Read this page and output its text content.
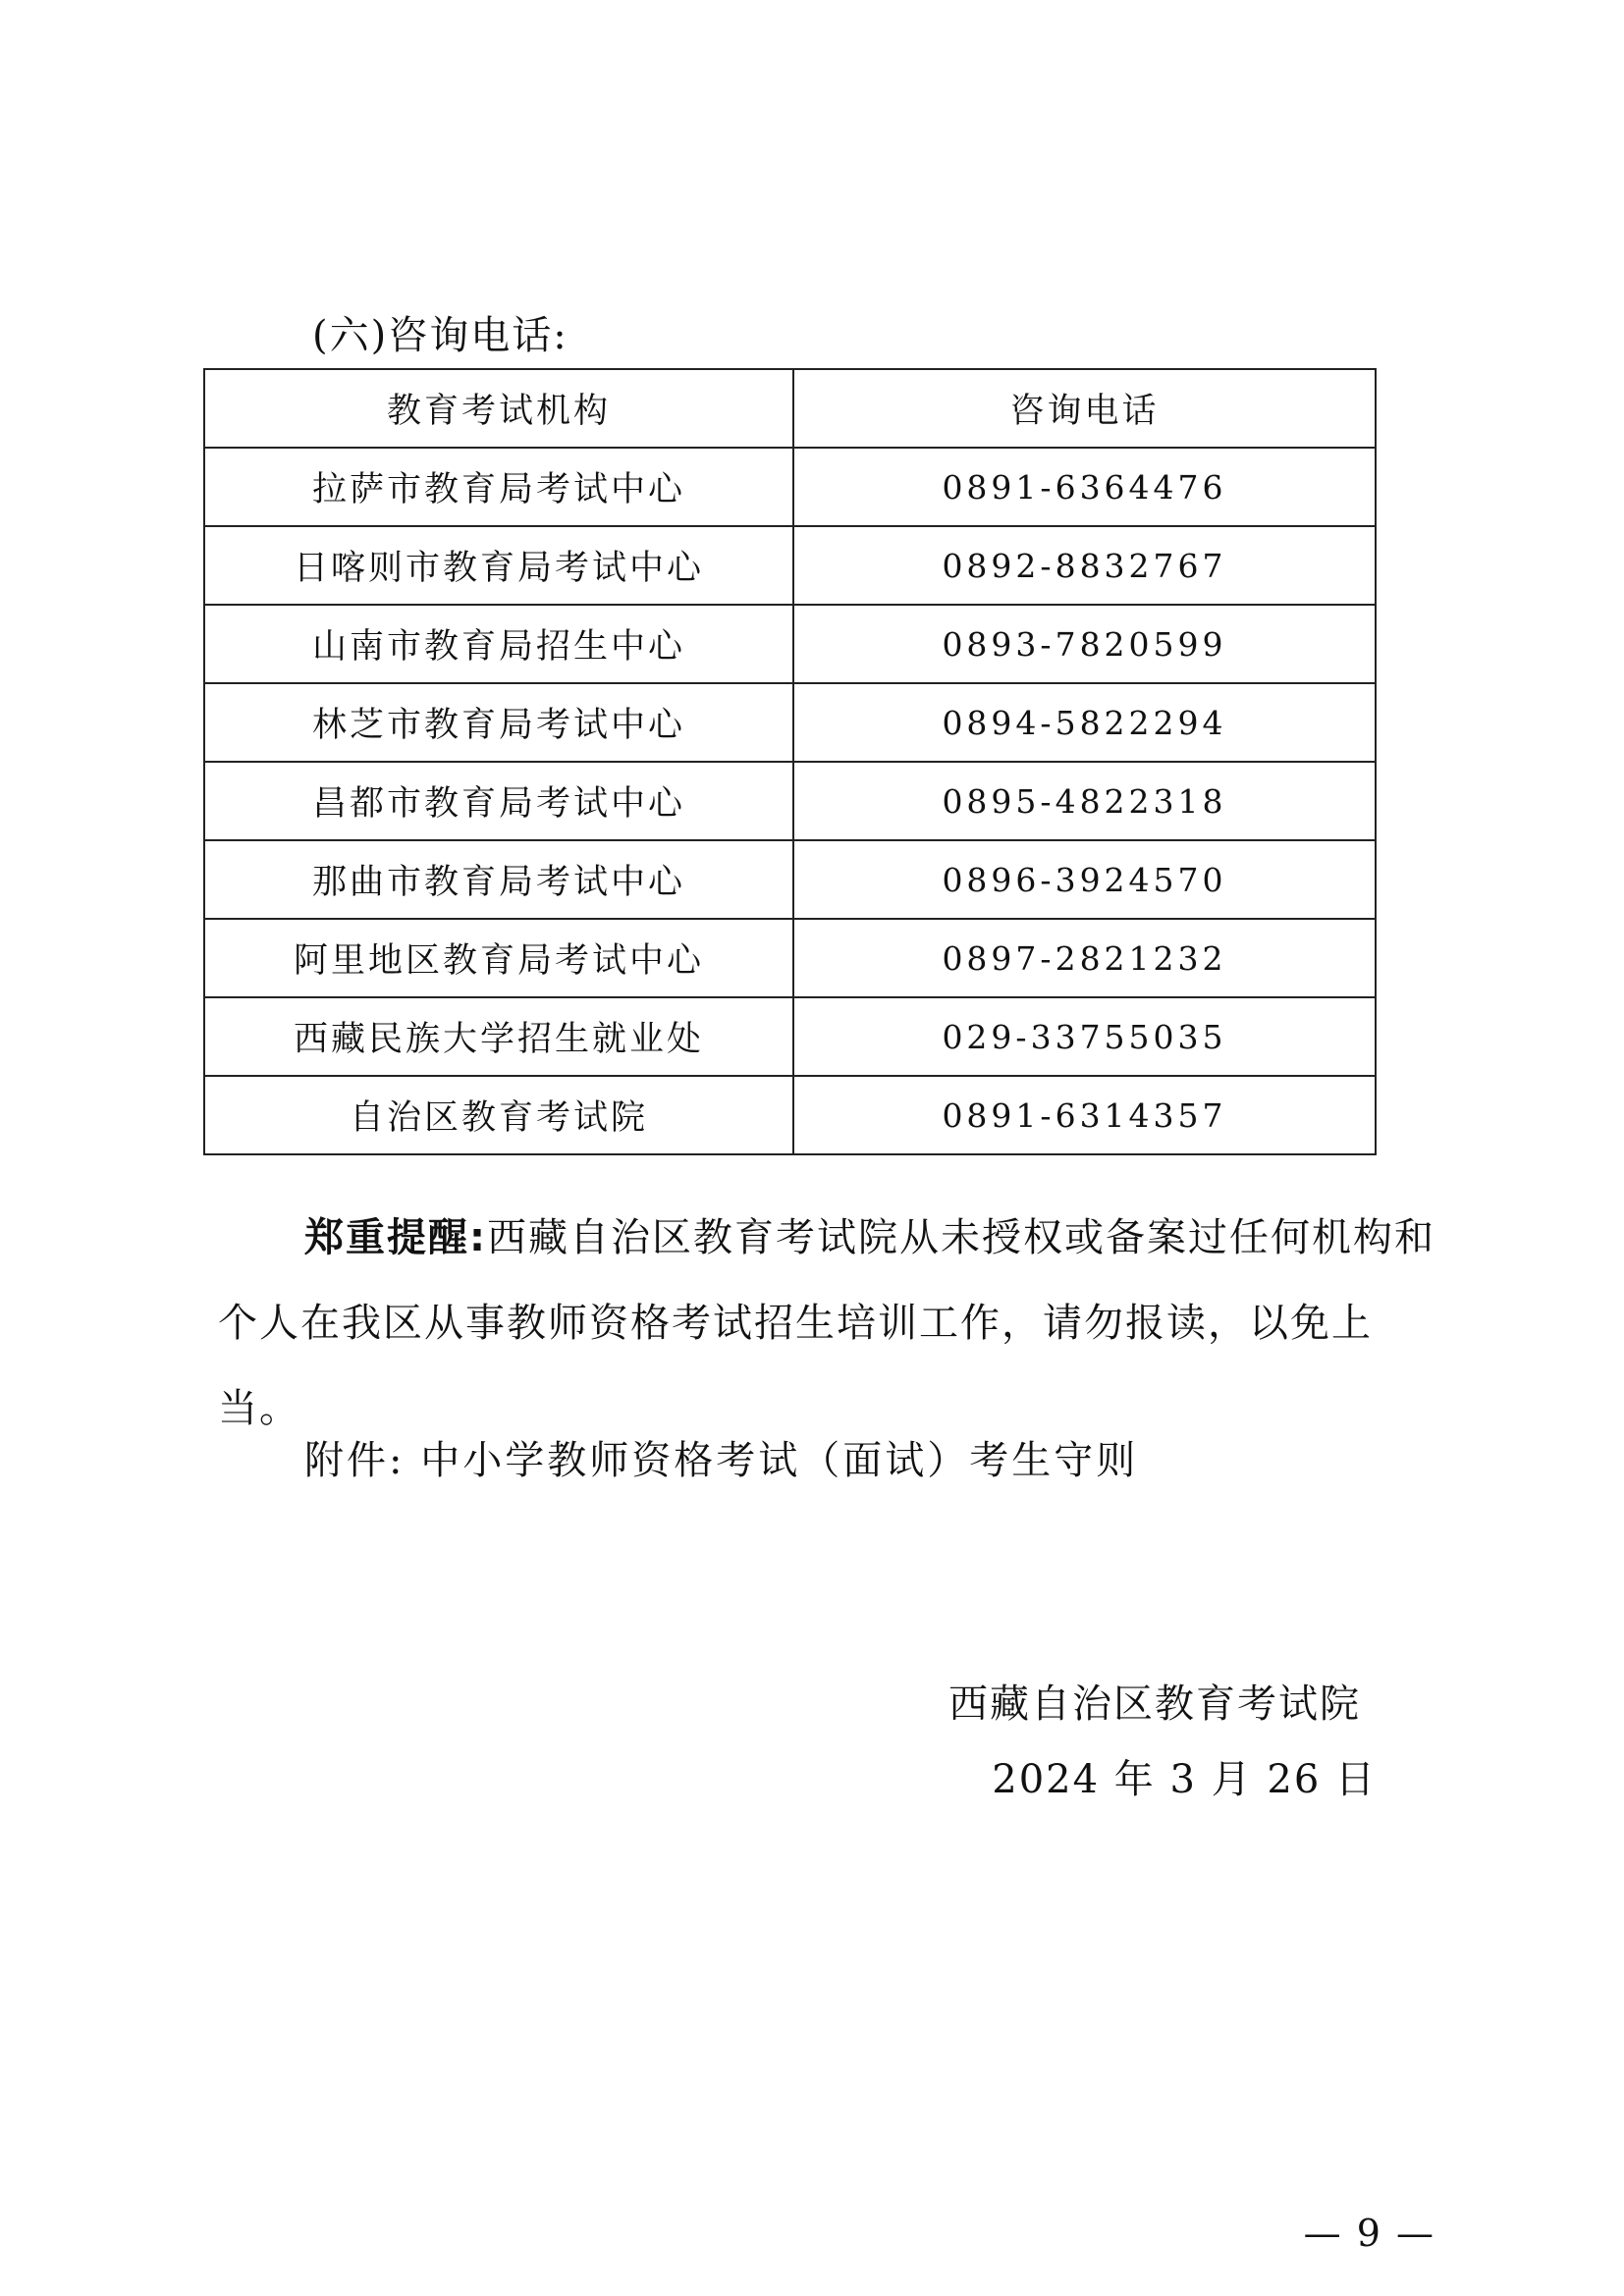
(六)咨询电话:
教育考试机构	咨询电话
拉萨市教育局考试中心	0891-6364476
日喀则市教育局考试中心	0892-8832767
山南市教育局招生中心	0893-7820599
林芝市教育局考试中心	0894-5822294
昌都市教育局考试中心	0895-4822318
那曲市教育局考试中心	0896-3924570
阿里地区教育局考试中心	0897-2821232
西藏民族大学招生就业处	029-33755035
自治区教育考试院	0891-6314357

郑重提醒:西藏自治区教育考试院从未授权或备案过任何机构和个人在我区从事教师资格考试招生培训工作，请勿报读，以免上当。

附件: 中小学教师资格考试（面试）考生守则
西藏自治区教育考试院
2024 年 3 月 26 日
— 9 —
